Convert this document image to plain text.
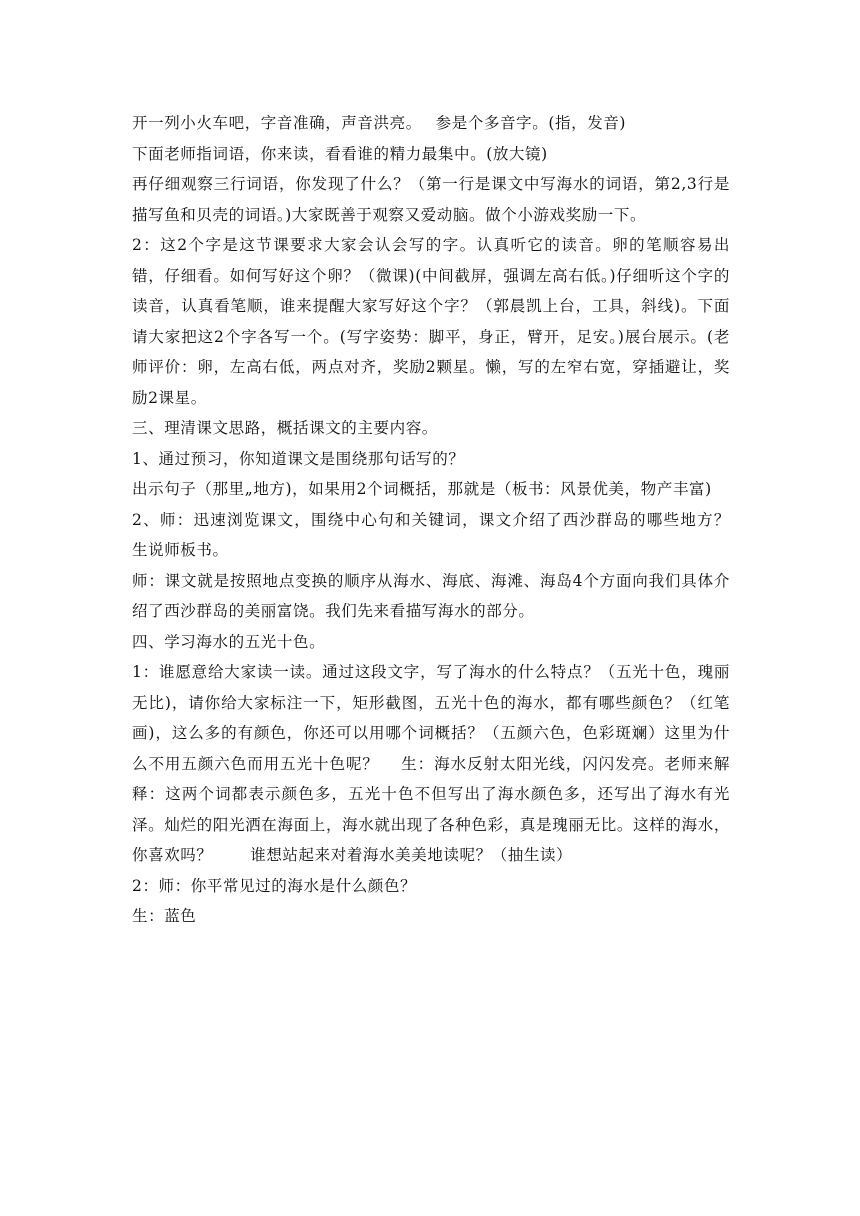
开一列小火车吧，字音准确，声音洪亮。　 参是个多音字。(指，发音)

下面老师指词语，你来读，看看谁的精力最集中。(放大镜)

再仔细观察三行词语，你发现了什么？（第一行是课文中写海水的词语，第2,3行是描写鱼和贝壳的词语。)大家既善于观察又爱动脑。做个小游戏奖励一下。

2：这2个字是这节课要求大家会认会写的字。认真听它的读音。卵的笔顺容易出错，仔细看。如何写好这个卵？（微课)(中间截屏，强调左高右低。)仔细听这个字的读音，认真看笔顺，谁来提醒大家写好这个字？（郭晨凯上台，工具，斜线)。下面请大家把这2个字各写一个。(写字姿势：脚平，身正，臂开，足安。)展台展示。(老师评价：卵，左高右低，两点对齐，奖励2颗星。懒，写的左窄右宽，穿插避让，奖励2课星。

三、理清课文思路，概括课文的主要内容。

1、通过预习，你知道课文是围绕那句话写的？

出示句子（那里„地方)，如果用2个词概括，那就是（板书：风景优美，物产丰富)

2、师：迅速浏览课文，围绕中心句和关键词，课文介绍了西沙群岛的哪些地方？　 生说师板书。

师：课文就是按照地点变换的顺序从海水、海底、海滩、海岛4个方面向我们具体介绍了西沙群岛的美丽富饶。我们先来看描写海水的部分。

四、学习海水的五光十色。

1：谁愿意给大家读一读。通过这段文字，写了海水的什么特点？（五光十色，瑰丽无比)，请你给大家标注一下，矩形截图，五光十色的海水，都有哪些颜色？（红笔画)，这么多的有颜色，你还可以用哪个词概括？（五颜六色，色彩斑斓）这里为什么不用五颜六色而用五光十色呢？　 生：海水反射太阳光线，闪闪发亮。老师来解释：这两个词都表示颜色多，五光十色不但写出了海水颜色多，还写出了海水有光泽。灿烂的阳光洒在海面上，海水就出现了各种色彩，真是瑰丽无比。这样的海水，你喜欢吗？　　 谁想站起来对着海水美美地读呢？（抽生读）

2：师：你平常见过的海水是什么颜色？

生：蓝色
